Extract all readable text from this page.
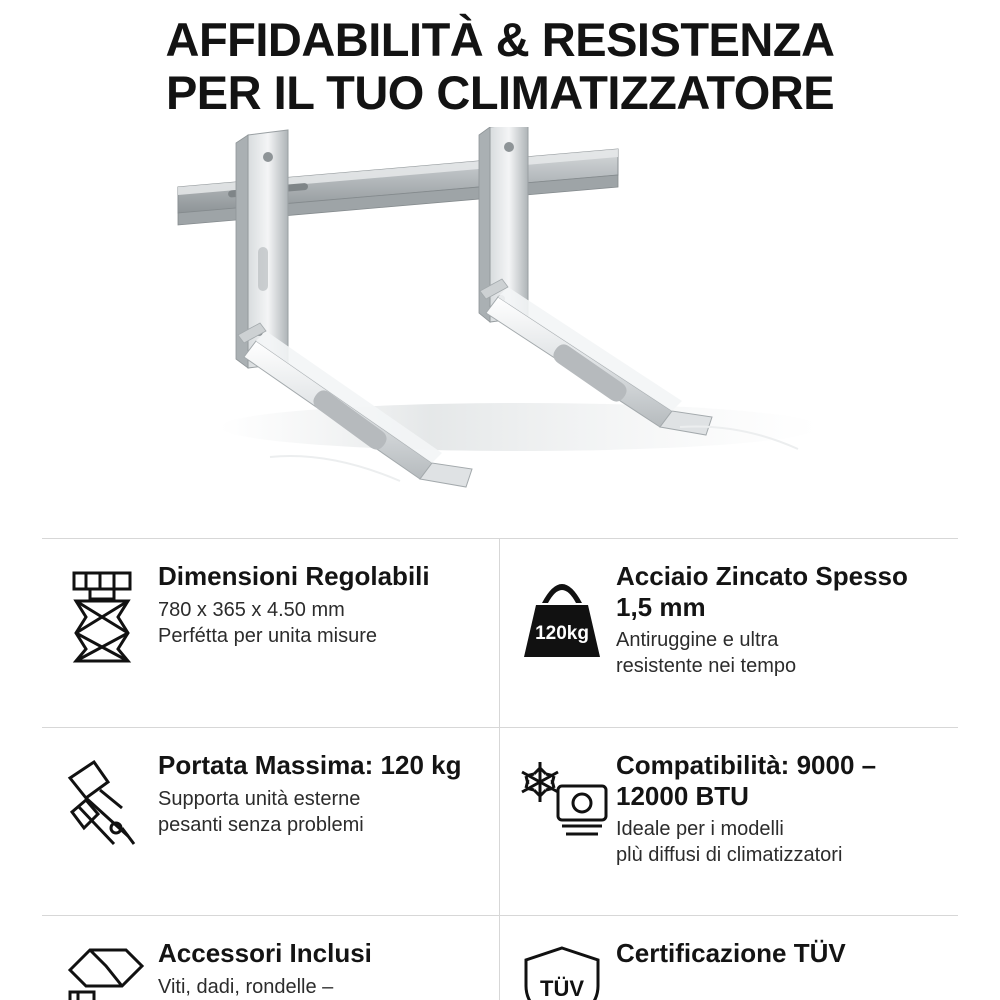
AFFIDABILITÀ & RESISTENZA
PER IL TUO CLIMATIZZATORE
Dimensioni Regolabili
780 x 365 x 4.50 mm
Perfétta per unita misure	120kg
Acciaio Zincato Spesso 1,5 mm
Antiruggine e ultra
resistente nei tempo
Portata Massima: 120 kg
Supporta unità esterne
pesanti senza problemi
Compatibilità: 9000 – 12000 BTU
Ideale per i modelli
plù diffusi di climatizzatori
Accessori Inclusi
Viti, dadi, rondelle –	TÜV
Certificazione TÜV
